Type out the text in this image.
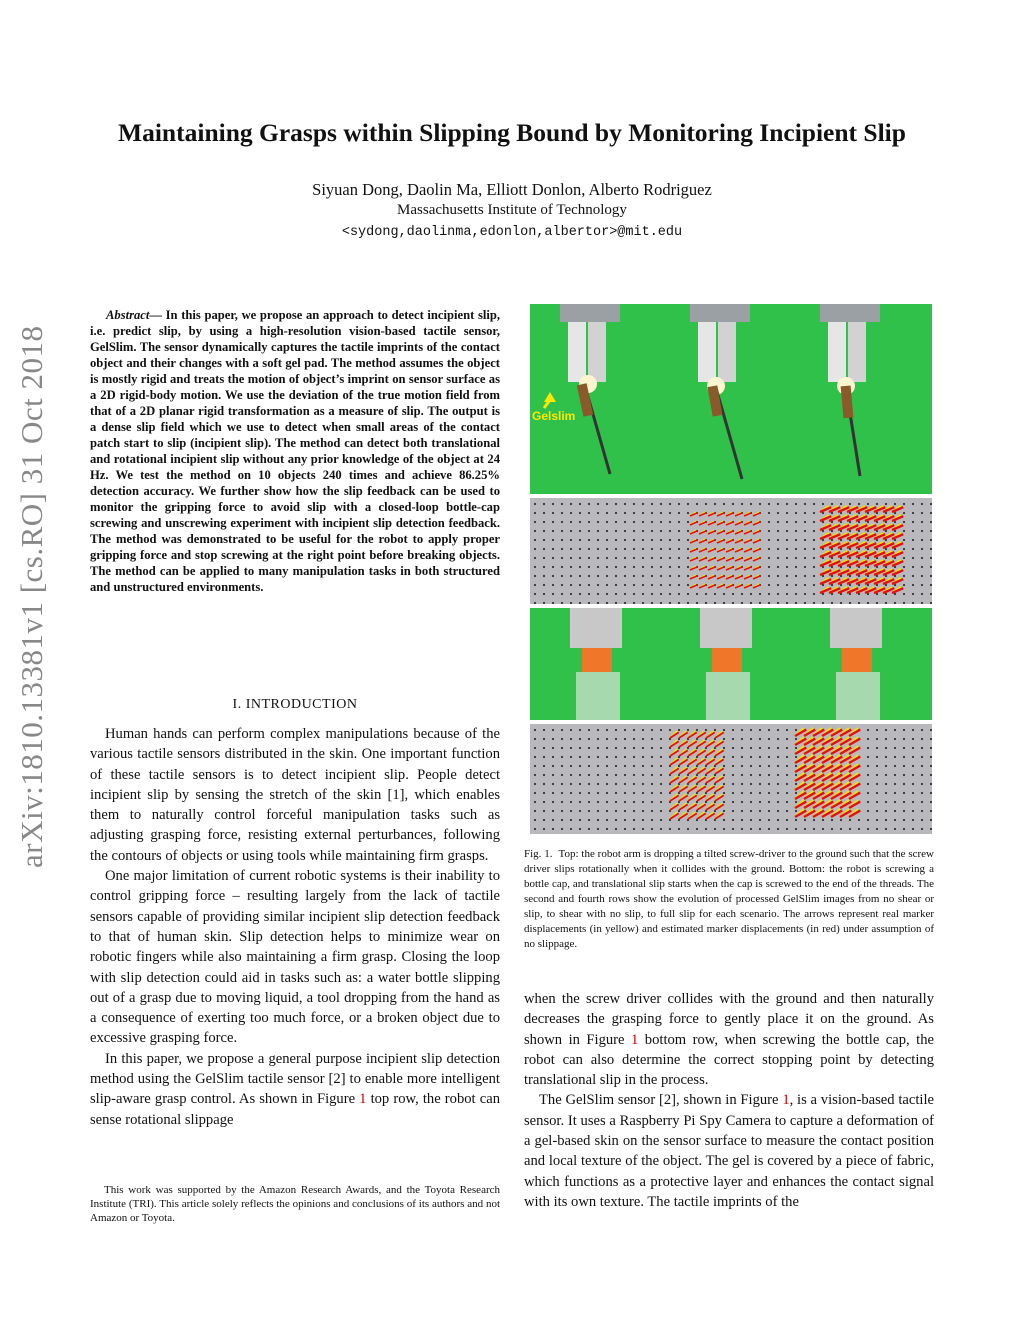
arXiv:1810.13381v1 [cs.RO] 31 Oct 2018
Maintaining Grasps within Slipping Bound by Monitoring Incipient Slip
Siyuan Dong, Daolin Ma, Elliott Donlon, Alberto Rodriguez
Massachusetts Institute of Technology
<sydong,daolinma,edonlon,albertor>@mit.edu
Abstract— In this paper, we propose an approach to detect incipient slip, i.e. predict slip, by using a high-resolution vision-based tactile sensor, GelSlim. The sensor dynamically captures the tactile imprints of the contact object and their changes with a soft gel pad. The method assumes the object is mostly rigid and treats the motion of object’s imprint on sensor surface as a 2D rigid-body motion. We use the deviation of the true motion field from that of a 2D planar rigid transformation as a measure of slip. The output is a dense slip field which we use to detect when small areas of the contact patch start to slip (incipient slip). The method can detect both translational and rotational incipient slip without any prior knowledge of the object at 24 Hz. We test the method on 10 objects 240 times and achieve 86.25% detection accuracy. We further show how the slip feedback can be used to monitor the gripping force to avoid slip with a closed-loop bottle-cap screwing and unscrewing experiment with incipient slip detection feedback. The method was demonstrated to be useful for the robot to apply proper gripping force and stop screwing at the right point before breaking objects. The method can be applied to many manipulation tasks in both structured and unstructured environments.
I. INTRODUCTION

Human hands can perform complex manipulations because of the various tactile sensors distributed in the skin. One important function of these tactile sensors is to detect incipient slip. People detect incipient slip by sensing the stretch of the skin [1], which enables them to naturally control forceful manipulation tasks such as adjusting grasping force, resisting external perturbances, following the contours of objects or using tools while maintaining firm grasps.

One major limitation of current robotic systems is their inability to control gripping force – resulting largely from the lack of tactile sensors capable of providing similar incipient slip detection feedback to that of human skin. Slip detection helps to minimize wear on robotic fingers while also maintaining a firm grasp. Closing the loop with slip detection could aid in tasks such as: a water bottle slipping out of a grasp due to moving liquid, a tool dropping from the hand as a consequence of exerting too much force, or a broken object due to excessive grasping force.

In this paper, we propose a general purpose incipient slip detection method using the GelSlim tactile sensor [2] to enable more intelligent slip-aware grasp control. As shown in Figure 1 top row, the robot can sense rotational slippage

This work was supported by the Amazon Research Awards, and the Toyota Research Institute (TRI). This article solely reflects the opinions and conclusions of its authors and not Amazon or Toyota.
Gelslim
Fig. 1. Top: the robot arm is dropping a tilted screw-driver to the ground such that the screw driver slips rotationally when it collides with the ground. Bottom: the robot is screwing a bottle cap, and translational slip starts when the cap is screwed to the end of the threads. The second and fourth rows show the evolution of processed GelSlim images from no shear or slip, to shear with no slip, to full slip for each scenario. The arrows represent real marker displacements (in yellow) and estimated marker displacements (in red) under assumption of no slippage.

when the screw driver collides with the ground and then naturally decreases the grasping force to gently place it on the ground. As shown in Figure 1 bottom row, when screwing the bottle cap, the robot can also determine the correct stopping point by detecting translational slip in the process.

The GelSlim sensor [2], shown in Figure 1, is a vision-based tactile sensor. It uses a Raspberry Pi Spy Camera to capture a deformation of a gel-based skin on the sensor surface to measure the contact position and local texture of the object. The gel is covered by a piece of fabric, which functions as a protective layer and enhances the contact signal with its own texture. The tactile imprints of the
